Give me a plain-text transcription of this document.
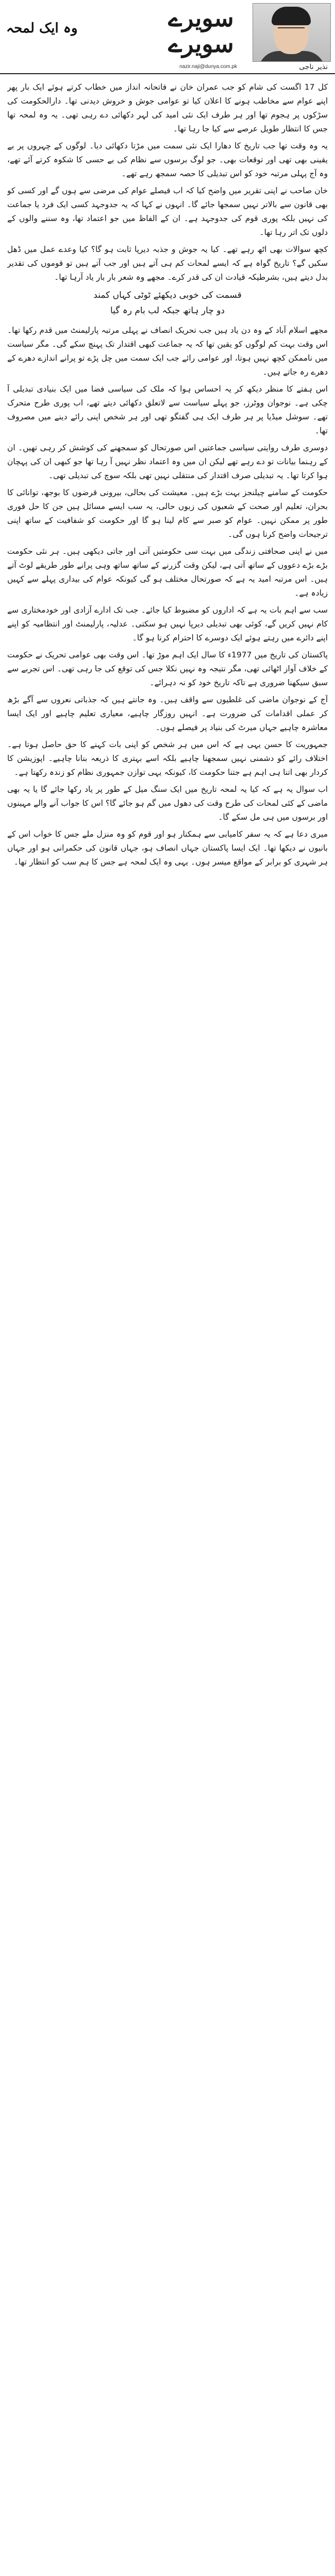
وہ ایک لمحہ	سویرے
سویرے
نذیر ناجی
nazir.naji@dunya.com.pk

کل 17 اگست کی شام کو جب عمران خان نے فاتحانہ انداز میں خطاب کرتے ہوئے ایک بار پھر اپنے عوام سے مخاطب ہونے کا اعلان کیا تو عوامی جوش و خروش دیدنی تھا۔ دارالحکومت کی سڑکوں پر ہجوم تھا اور ہر طرف ایک نئی امید کی لہر دکھائی دے رہی تھی۔ یہ وہ لمحہ تھا جس کا انتظار طویل عرصے سے کیا جا رہا تھا۔

یہ وہ وقت تھا جب تاریخ کا دھارا ایک نئی سمت میں مڑتا دکھائی دیا۔ لوگوں کے چہروں پر بے یقینی بھی تھی اور توقعات بھی۔ جو لوگ برسوں سے نظام کی بے حسی کا شکوہ کرتے آئے تھے، وہ آج پہلی مرتبہ خود کو اس تبدیلی کا حصہ سمجھ رہے تھے۔

خان صاحب نے اپنی تقریر میں واضح کیا کہ اب فیصلے عوام کی مرضی سے ہوں گے اور کسی کو بھی قانون سے بالاتر نہیں سمجھا جائے گا۔ انہوں نے کہا کہ یہ جدوجہد کسی ایک فرد یا جماعت کی نہیں بلکہ پوری قوم کی جدوجہد ہے۔ ان کے الفاظ میں جو اعتماد تھا، وہ سننے والوں کے دلوں تک اتر رہا تھا۔

کچھ سوالات بھی اٹھ رہے تھے۔ کیا یہ جوش و جذبہ دیرپا ثابت ہو گا؟ کیا وعدے عمل میں ڈھل سکیں گے؟ تاریخ گواہ ہے کہ ایسے لمحات کم ہی آتے ہیں اور جب آتے ہیں تو قوموں کی تقدیر بدل دیتے ہیں، بشرطیکہ قیادت ان کی قدر کرے۔ مجھے وہ شعر بار بار یاد آرہا تھا۔

قسمت کی خوبی دیکھئے ٹوٹی کہاں کمند
دو چار ہاتھ جبکہ لب بام رہ گیا

مجھے اسلام آباد کے وہ دن یاد ہیں جب تحریک انصاف نے پہلی مرتبہ پارلیمنٹ میں قدم رکھا تھا۔ اس وقت بہت کم لوگوں کو یقین تھا کہ یہ جماعت کبھی اقتدار تک پہنچ سکے گی۔ مگر سیاست میں ناممکن کچھ نہیں ہوتا، اور عوامی رائے جب ایک سمت میں چل پڑے تو پرانے اندازے دھرے کے دھرے رہ جاتے ہیں۔

اس ہفتے کا منظر دیکھ کر یہ احساس ہوا کہ ملک کی سیاسی فضا میں ایک بنیادی تبدیلی آ چکی ہے۔ نوجوان ووٹرز، جو پہلے سیاست سے لاتعلق دکھائی دیتے تھے، اب پوری طرح متحرک تھے۔ سوشل میڈیا پر ہر طرف ایک ہی گفتگو تھی اور ہر شخص اپنی رائے دینے میں مصروف تھا۔

دوسری طرف روایتی سیاسی جماعتیں اس صورتحال کو سمجھنے کی کوشش کر رہی تھیں۔ ان کے رہنما بیانات تو دے رہے تھے لیکن ان میں وہ اعتماد نظر نہیں آ رہا تھا جو کبھی ان کی پہچان ہوا کرتا تھا۔ یہ تبدیلی صرف اقتدار کی منتقلی نہیں تھی بلکہ سوچ کی تبدیلی تھی۔

حکومت کے سامنے چیلنجز بہت بڑے ہیں۔ معیشت کی بحالی، بیرونی قرضوں کا بوجھ، توانائی کا بحران، تعلیم اور صحت کے شعبوں کی زبوں حالی، یہ سب ایسے مسائل ہیں جن کا حل فوری طور پر ممکن نہیں۔ عوام کو صبر سے کام لینا ہو گا اور حکومت کو شفافیت کے ساتھ اپنی ترجیحات واضح کرنا ہوں گی۔

میں نے اپنی صحافتی زندگی میں بہت سی حکومتیں آتی اور جاتی دیکھی ہیں۔ ہر نئی حکومت بڑے بڑے دعووں کے ساتھ آتی ہے، لیکن وقت گزرنے کے ساتھ ساتھ وہی پرانے طور طریقے لوٹ آتے ہیں۔ اس مرتبہ امید یہ ہے کہ صورتحال مختلف ہو گی کیونکہ عوام کی بیداری پہلے سے کہیں زیادہ ہے۔

سب سے اہم بات یہ ہے کہ اداروں کو مضبوط کیا جائے۔ جب تک ادارے آزادی اور خودمختاری سے کام نہیں کریں گے، کوئی بھی تبدیلی دیرپا نہیں ہو سکتی۔ عدلیہ، پارلیمنٹ اور انتظامیہ کو اپنے اپنے دائرے میں رہتے ہوئے ایک دوسرے کا احترام کرنا ہو گا۔

پاکستان کی تاریخ میں 1977ء کا سال ایک اہم موڑ تھا۔ اس وقت بھی عوامی تحریک نے حکومت کے خلاف آواز اٹھائی تھی، مگر نتیجہ وہ نہیں نکلا جس کی توقع کی جا رہی تھی۔ اس تجربے سے سبق سیکھنا ضروری ہے تاکہ تاریخ خود کو نہ دہرائے۔

آج کے نوجوان ماضی کی غلطیوں سے واقف ہیں۔ وہ جانتے ہیں کہ جذباتی نعروں سے آگے بڑھ کر عملی اقدامات کی ضرورت ہے۔ انہیں روزگار چاہیے، معیاری تعلیم چاہیے اور ایک ایسا معاشرہ چاہیے جہاں میرٹ کی بنیاد پر فیصلے ہوں۔

جمہوریت کا حسن یہی ہے کہ اس میں ہر شخص کو اپنی بات کہنے کا حق حاصل ہوتا ہے۔ اختلاف رائے کو دشمنی نہیں سمجھنا چاہیے بلکہ اسے بہتری کا ذریعہ بنانا چاہیے۔ اپوزیشن کا کردار بھی اتنا ہی اہم ہے جتنا حکومت کا، کیونکہ یہی توازن جمہوری نظام کو زندہ رکھتا ہے۔

اب سوال یہ ہے کہ کیا یہ لمحہ تاریخ میں ایک سنگ میل کے طور پر یاد رکھا جائے گا یا یہ بھی ماضی کے کئی لمحات کی طرح وقت کی دھول میں گم ہو جائے گا؟ اس کا جواب آنے والے مہینوں اور برسوں میں ہی مل سکے گا۔

میری دعا ہے کہ یہ سفر کامیابی سے ہمکنار ہو اور قوم کو وہ منزل ملے جس کا خواب اس کے بانیوں نے دیکھا تھا۔ ایک ایسا پاکستان جہاں انصاف ہو، جہاں قانون کی حکمرانی ہو اور جہاں ہر شہری کو برابر کے مواقع میسر ہوں۔ یہی وہ ایک لمحہ ہے جس کا ہم سب کو انتظار تھا۔
